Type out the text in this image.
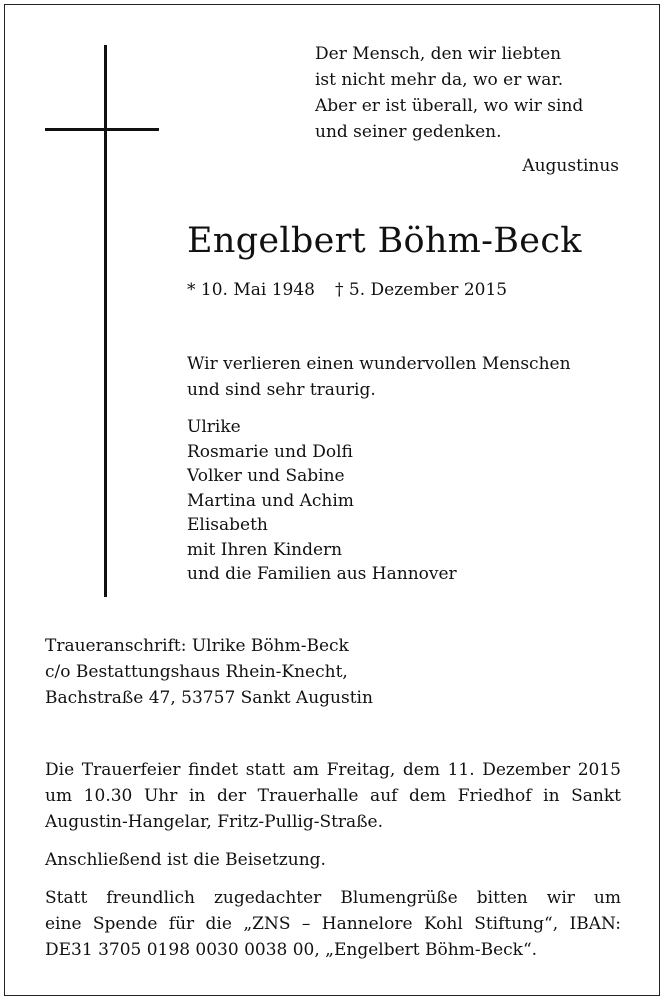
Der Mensch, den wir liebten
ist nicht mehr da, wo er war.
Aber er ist überall, wo wir sind
und seiner gedenken.
Augustinus
Engelbert Böhm-Beck
* 10. Mai 1948 † 5. Dezember 2015
Wir verlieren einen wundervollen Menschen
und sind sehr traurig.
Ulrike
Rosmarie und Dolfi
Volker und Sabine
Martina und Achim
Elisabeth
mit Ihren Kindern
und die Familien aus Hannover
Traueranschrift: Ulrike Böhm-Beck
c/o Bestattungshaus Rhein-Knecht,
Bachstraße 47, 53757 Sankt Augustin
Die Trauerfeier findet statt am Freitag, dem 11. Dezember 2015
um 10.30 Uhr in der Trauerhalle auf dem Friedhof in Sankt
Augustin-Hangelar, Fritz-Pullig-Straße.
Anschließend ist die Beisetzung.
Statt freundlich zugedachter Blumengrüße bitten wir um
eine Spende für die „ZNS – Hannelore Kohl Stiftung“, IBAN:
DE31 3705 0198 0030 0038 00, „Engelbert Böhm-Beck“.
